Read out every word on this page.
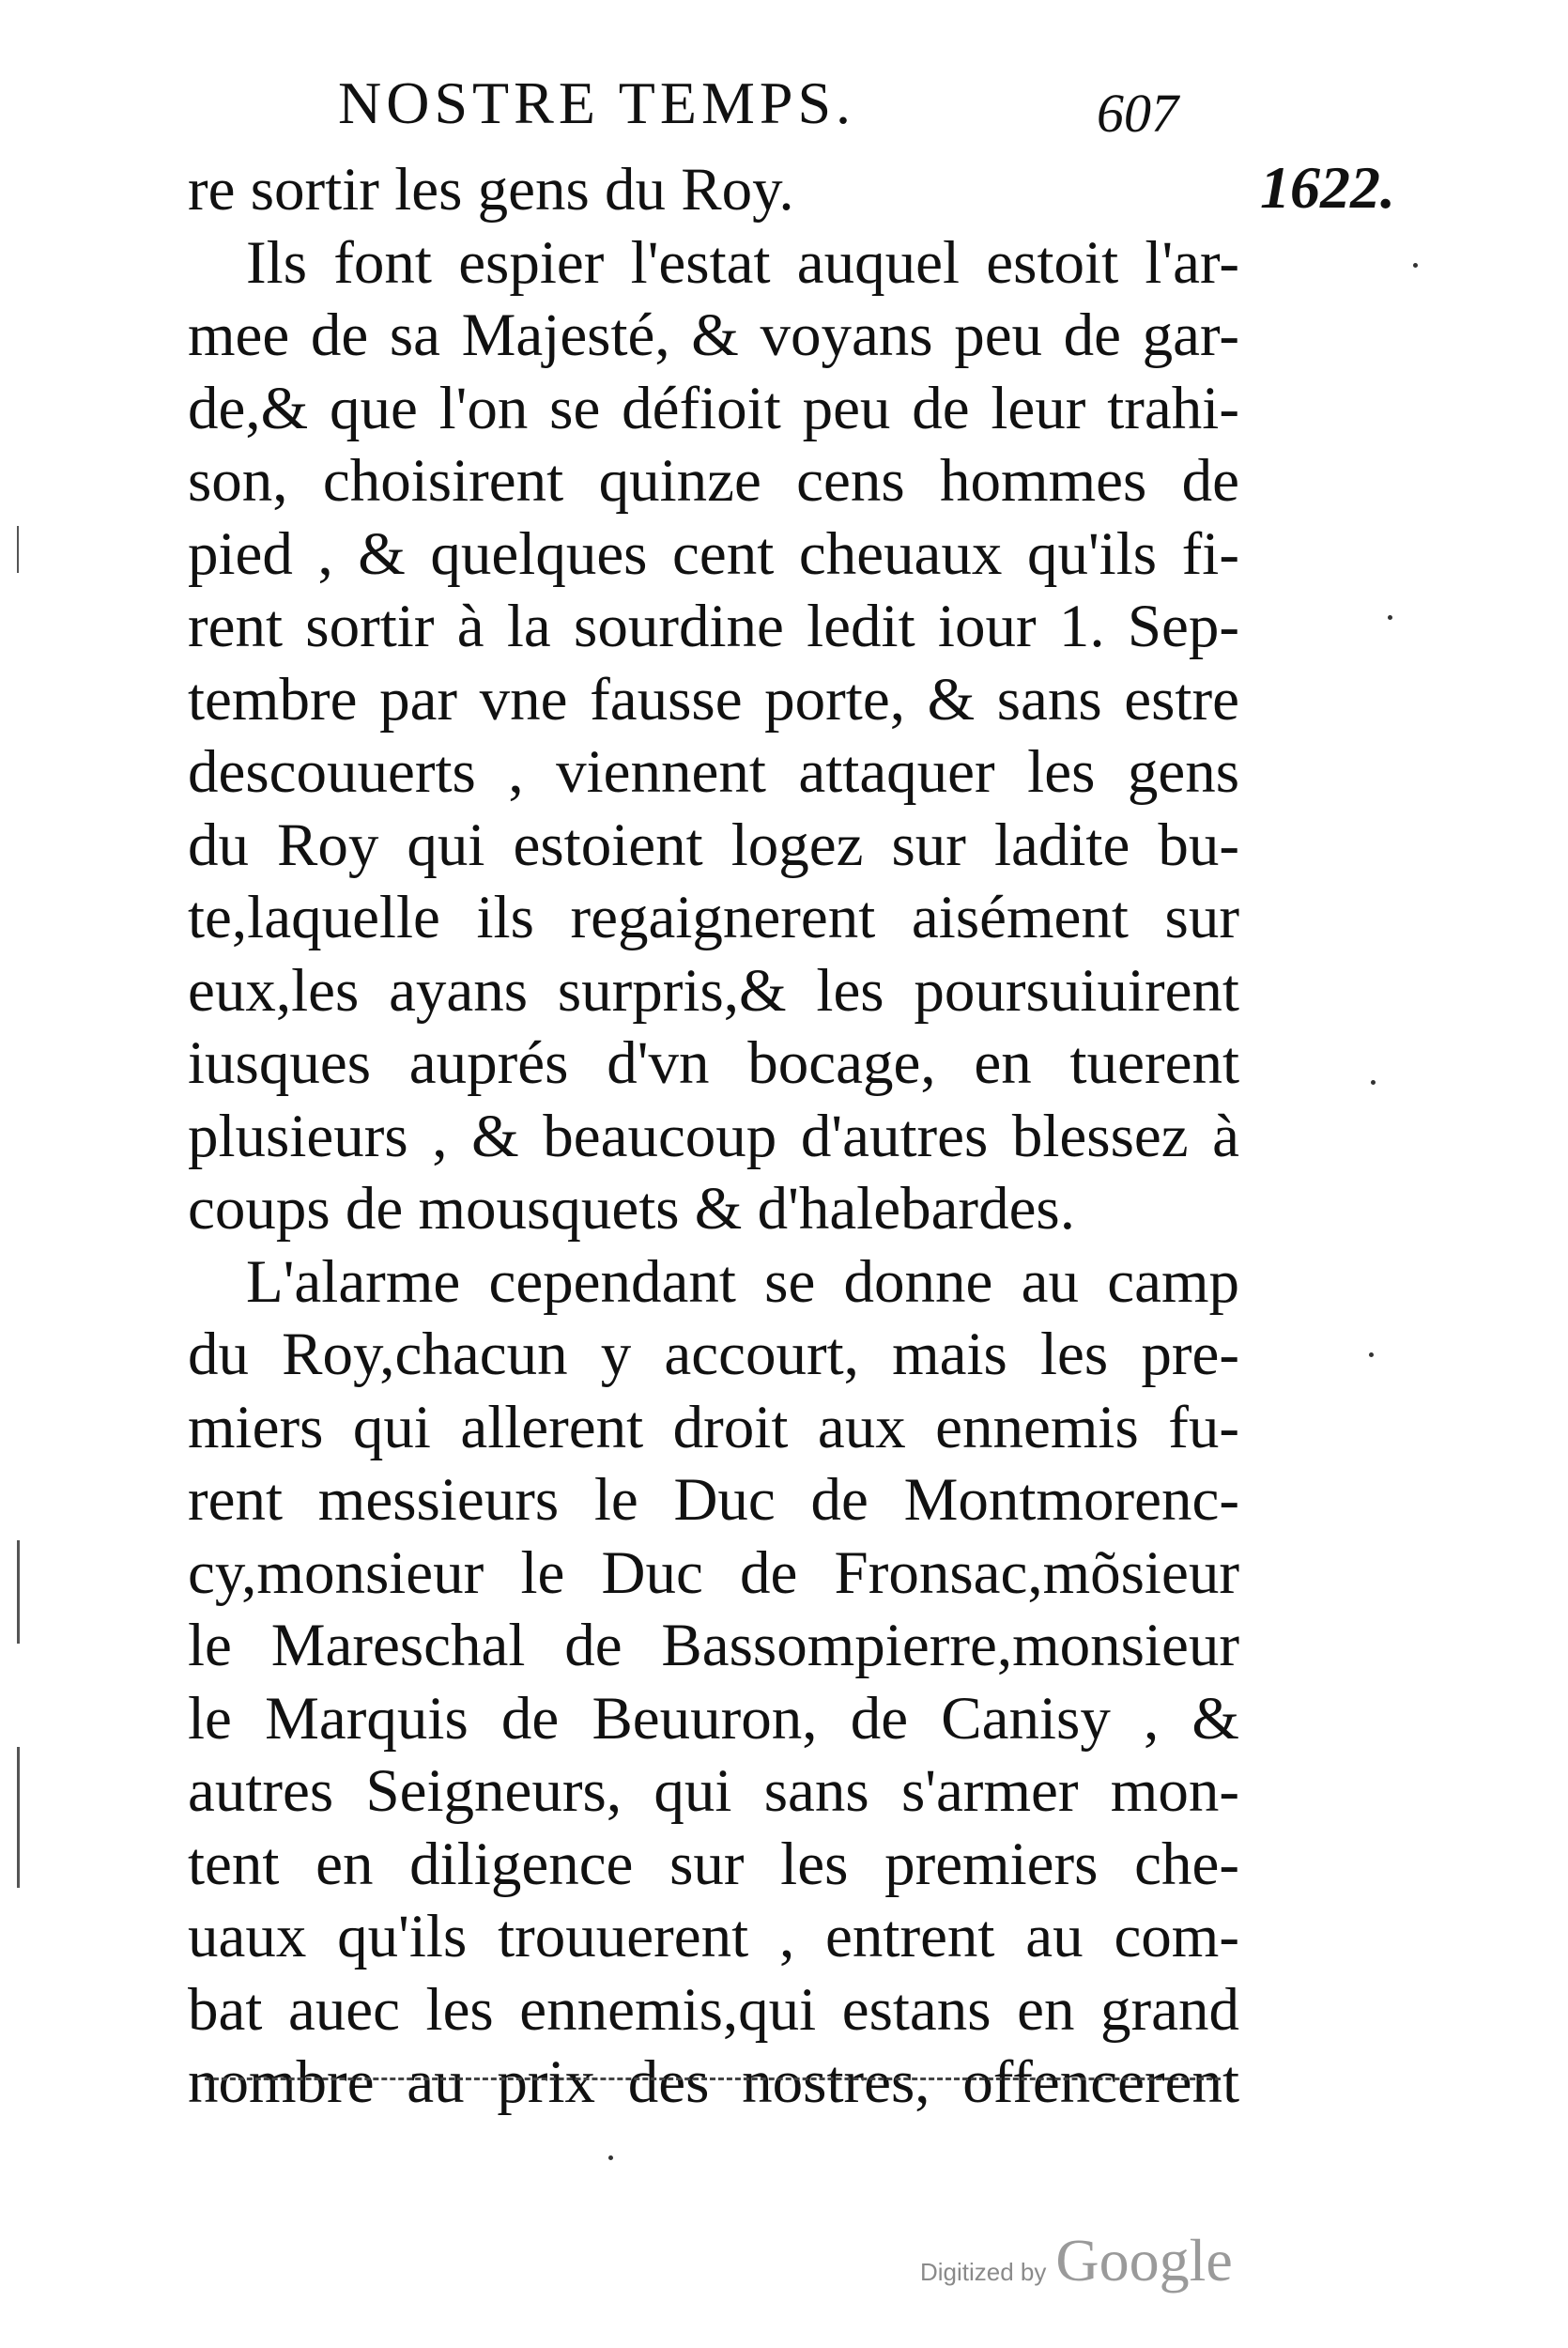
NOSTRE TEMPS.	607
1622.
re sortir les gens du Roy.
Ils font espier l'estat auquel estoit l'ar-
mee de sa Majesté, & voyans peu de gar-
de,& que l'on se défioit peu de leur trahi-
son, choisirent quinze cens hommes de
pied , & quelques cent cheuaux qu'ils fi-
rent sortir à la sourdine ledit iour 1. Sep-
tembre par vne fausse porte, & sans estre
descouuerts , viennent attaquer les gens
du Roy qui estoient logez sur ladite bu-
te,laquelle ils regaignerent aisément sur
eux,les ayans surpris,& les poursuiuirent
iusques auprés d'vn bocage, en tuerent
plusieurs , & beaucoup d'autres blessez à
coups de mousquets & d'halebardes.
L'alarme cependant se donne au camp
du Roy,chacun y accourt, mais les pre-
miers qui allerent droit aux ennemis fu-
rent messieurs le Duc de Montmorenc-
cy,monsieur le Duc de Fronsac,mõsieur
le Mareschal de Bassompierre,monsieur
le Marquis de Beuuron, de Canisy , &
autres Seigneurs, qui sans s'armer mon-
tent en diligence sur les premiers che-
uaux qu'ils trouuerent , entrent au com-
bat auec les ennemis,qui estans en grand
nombre au prix des nostres, offencerent
Digitized by Google
